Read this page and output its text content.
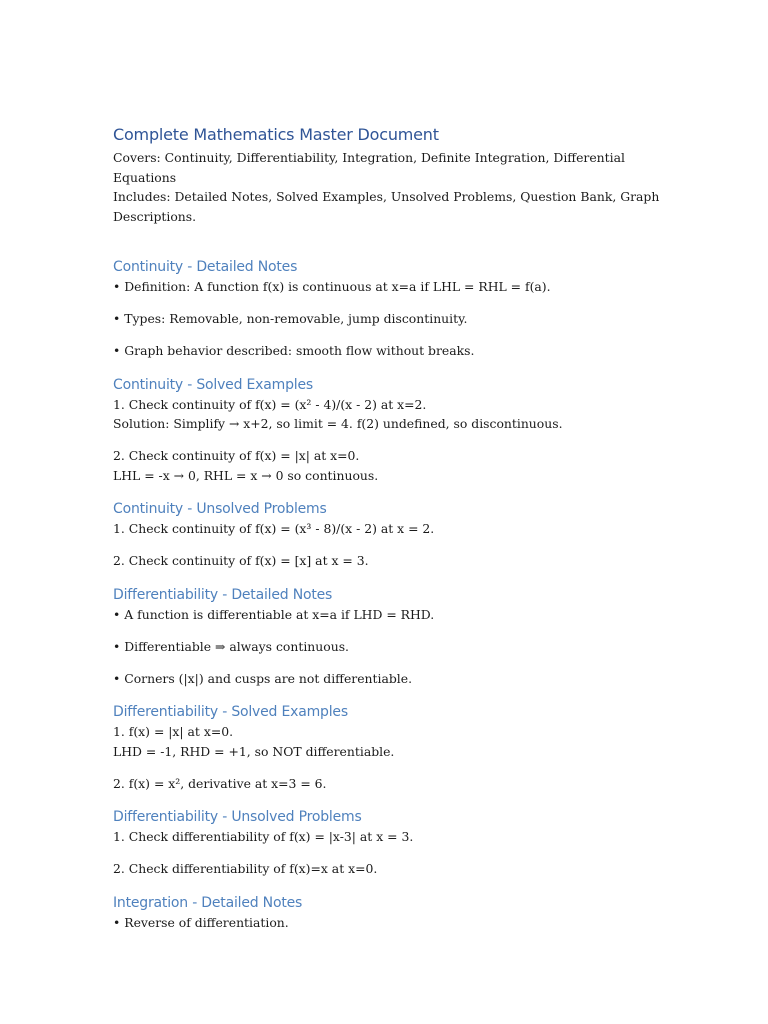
Complete Mathematics Master Document

Covers: Continuity, Differentiability, Integration, Definite Integration, Differential Equations
Includes: Detailed Notes, Solved Examples, Unsolved Problems, Question Bank, Graph Descriptions.

Continuity - Detailed Notes

• Definition: A function f(x) is continuous at x=a if LHL = RHL = f(a).

• Types: Removable, non-removable, jump discontinuity.

• Graph behavior described: smooth flow without breaks.

Continuity - Solved Examples

1. Check continuity of f(x) = (x² - 4)/(x - 2) at x=2.
Solution: Simplify → x+2, so limit = 4. f(2) undefined, so discontinuous.

2. Check continuity of f(x) = |x| at x=0.
LHL = -x → 0, RHL = x → 0 so continuous.

Continuity - Unsolved Problems

1. Check continuity of f(x) = (x³ - 8)/(x - 2) at x = 2.

2. Check continuity of f(x) = [x] at x = 3.

Differentiability - Detailed Notes

• A function is differentiable at x=a if LHD = RHD.

• Differentiable ⇒ always continuous.

• Corners (|x|) and cusps are not differentiable.

Differentiability - Solved Examples

1. f(x) = |x| at x=0.
LHD = -1, RHD = +1, so NOT differentiable.

2. f(x) = x², derivative at x=3 = 6.

Differentiability - Unsolved Problems

1. Check differentiability of f(x) = |x-3| at x = 3.

2. Check differentiability of f(x)=x at x=0.

Integration - Detailed Notes

• Reverse of differentiation.
